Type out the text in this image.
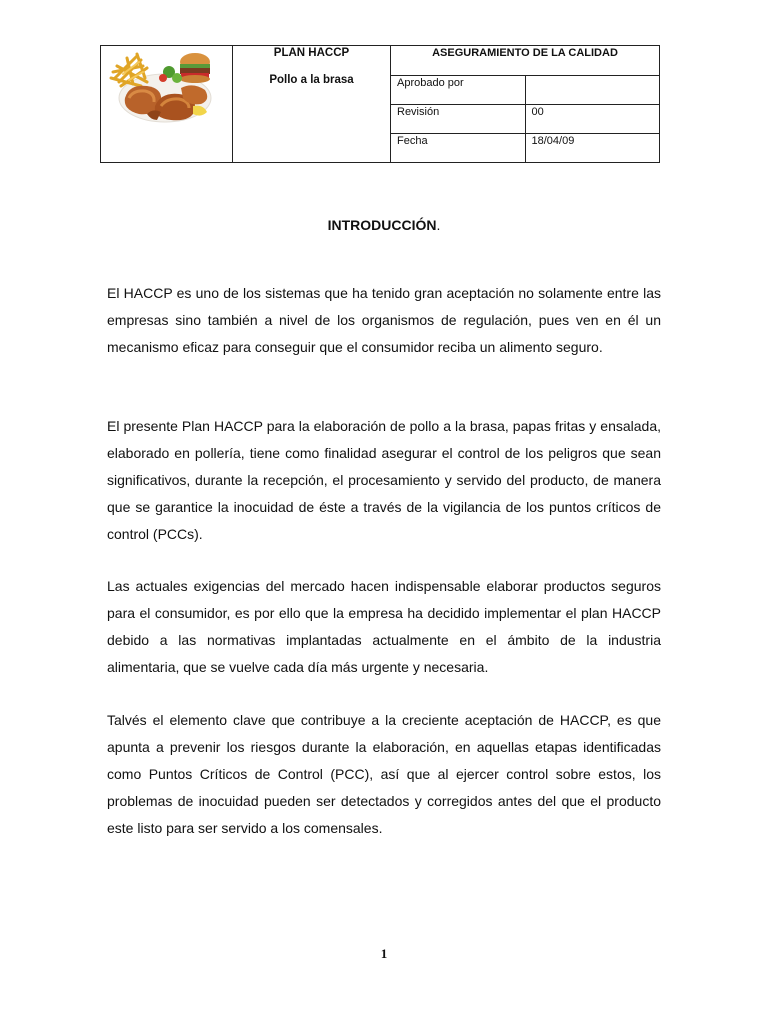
PLAN HACCP
Pollo a la brasa	ASEGURAMIENTO DE LA CALIDAD	
		Aprobado por	
		Revisión	00
		Fecha	18/04/09
INTRODUCCIÓN.

El HACCP es uno de los sistemas que ha tenido gran aceptación no solamente entre las empresas sino también a nivel de los organismos de regulación, pues ven en él un mecanismo eficaz para conseguir que el consumidor reciba un alimento seguro.

El presente Plan HACCP para la elaboración de pollo a la brasa, papas fritas y ensalada, elaborado en pollería, tiene como finalidad asegurar el control de los peligros que sean significativos, durante la recepción, el procesamiento y servido del producto, de manera que se garantice la inocuidad de éste a través de la vigilancia de los puntos críticos de control (PCCs).

Las actuales exigencias del mercado hacen indispensable elaborar productos seguros para el consumidor, es por ello que la empresa ha decidido implementar el plan HACCP debido a las normativas implantadas actualmente en el ámbito de la industria alimentaria, que se vuelve cada día más urgente y necesaria.

Talvés el elemento clave que contribuye a la creciente aceptación de HACCP, es que apunta a prevenir los riesgos durante la elaboración, en aquellas etapas identificadas como Puntos Críticos de Control (PCC), así que al ejercer control sobre estos, los problemas de inocuidad pueden ser detectados y corregidos antes del que el producto este listo para ser servido a los comensales.

1
